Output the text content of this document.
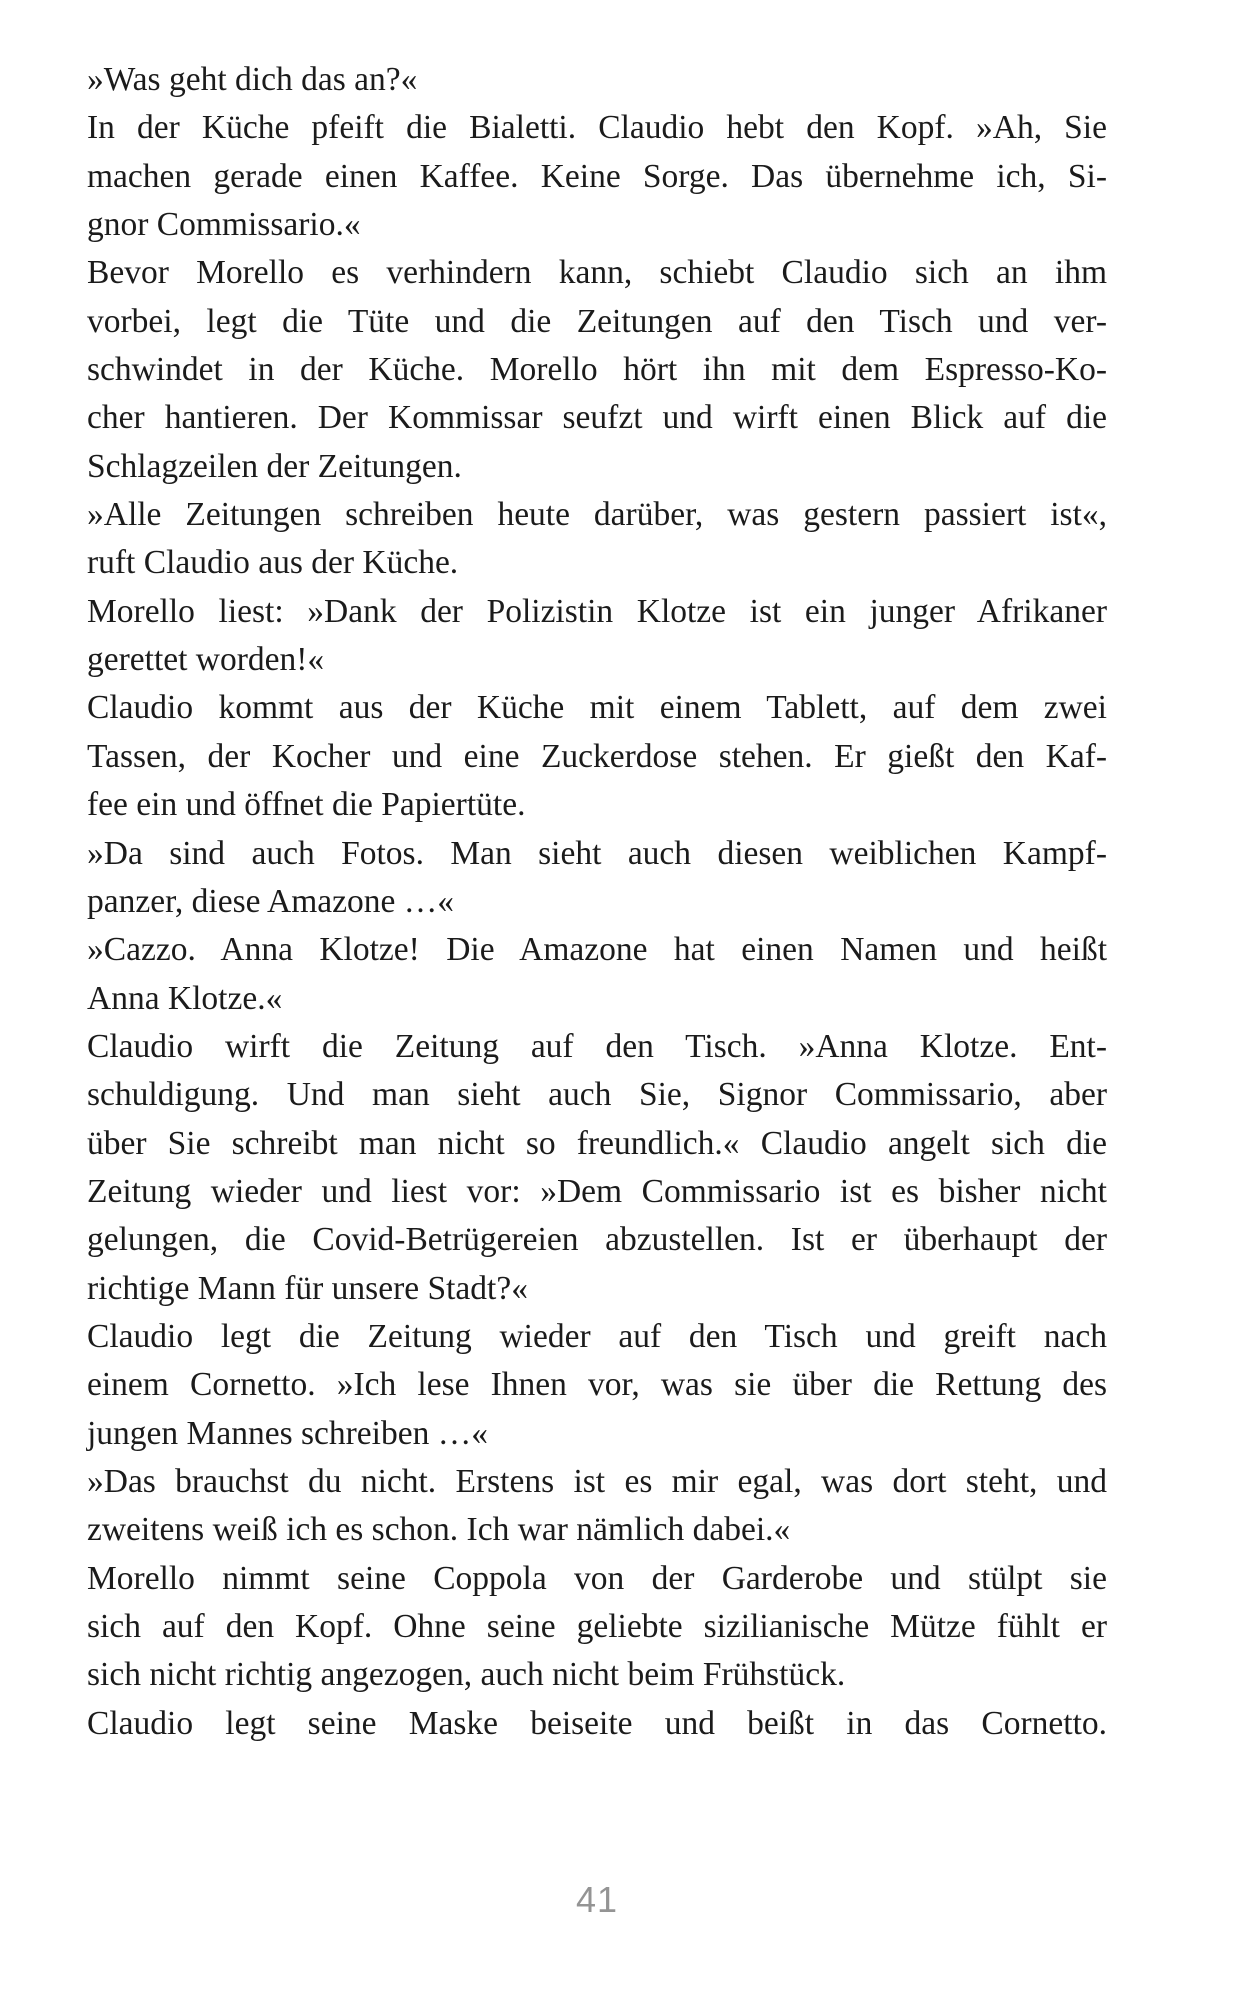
»Was geht dich das an?«
In der Küche pfeift die Bialetti. Claudio hebt den Kopf. »Ah, Sie
machen gerade einen Kaffee. Keine Sorge. Das übernehme ich, Si-
gnor Commissario.«
Bevor Morello es verhindern kann, schiebt Claudio sich an ihm
vorbei, legt die Tüte und die Zeitungen auf den Tisch und ver-
schwindet in der Küche. Morello hört ihn mit dem Espresso-Ko-
cher hantieren. Der Kommissar seufzt und wirft einen Blick auf die
Schlagzeilen der Zeitungen.
»Alle Zeitungen schreiben heute darüber, was gestern passiert ist«,
ruft Claudio aus der Küche.
Morello liest: »Dank der Polizistin Klotze ist ein junger Afrikaner
gerettet worden!«
Claudio kommt aus der Küche mit einem Tablett, auf dem zwei
Tassen, der Kocher und eine Zuckerdose stehen. Er gießt den Kaf-
fee ein und öffnet die Papiertüte.
»Da sind auch Fotos. Man sieht auch diesen weiblichen Kampf-
panzer, diese Amazone …«
»Cazzo. Anna Klotze! Die Amazone hat einen Namen und heißt
Anna Klotze.«
Claudio wirft die Zeitung auf den Tisch. »Anna Klotze. Ent-
schuldigung. Und man sieht auch Sie, Signor Commissario, aber
über Sie schreibt man nicht so freundlich.« Claudio angelt sich die
Zeitung wieder und liest vor: »Dem Commissario ist es bisher nicht
gelungen, die Covid-Betrügereien abzustellen. Ist er überhaupt der
richtige Mann für unsere Stadt?«
Claudio legt die Zeitung wieder auf den Tisch und greift nach
einem Cornetto. »Ich lese Ihnen vor, was sie über die Rettung des
jungen Mannes schreiben …«
»Das brauchst du nicht. Erstens ist es mir egal, was dort steht, und
zweitens weiß ich es schon. Ich war nämlich dabei.«
Morello nimmt seine Coppola von der Garderobe und stülpt sie
sich auf den Kopf. Ohne seine geliebte sizilianische Mütze fühlt er
sich nicht richtig angezogen, auch nicht beim Frühstück.
Claudio legt seine Maske beiseite und beißt in das Cornetto.
41
